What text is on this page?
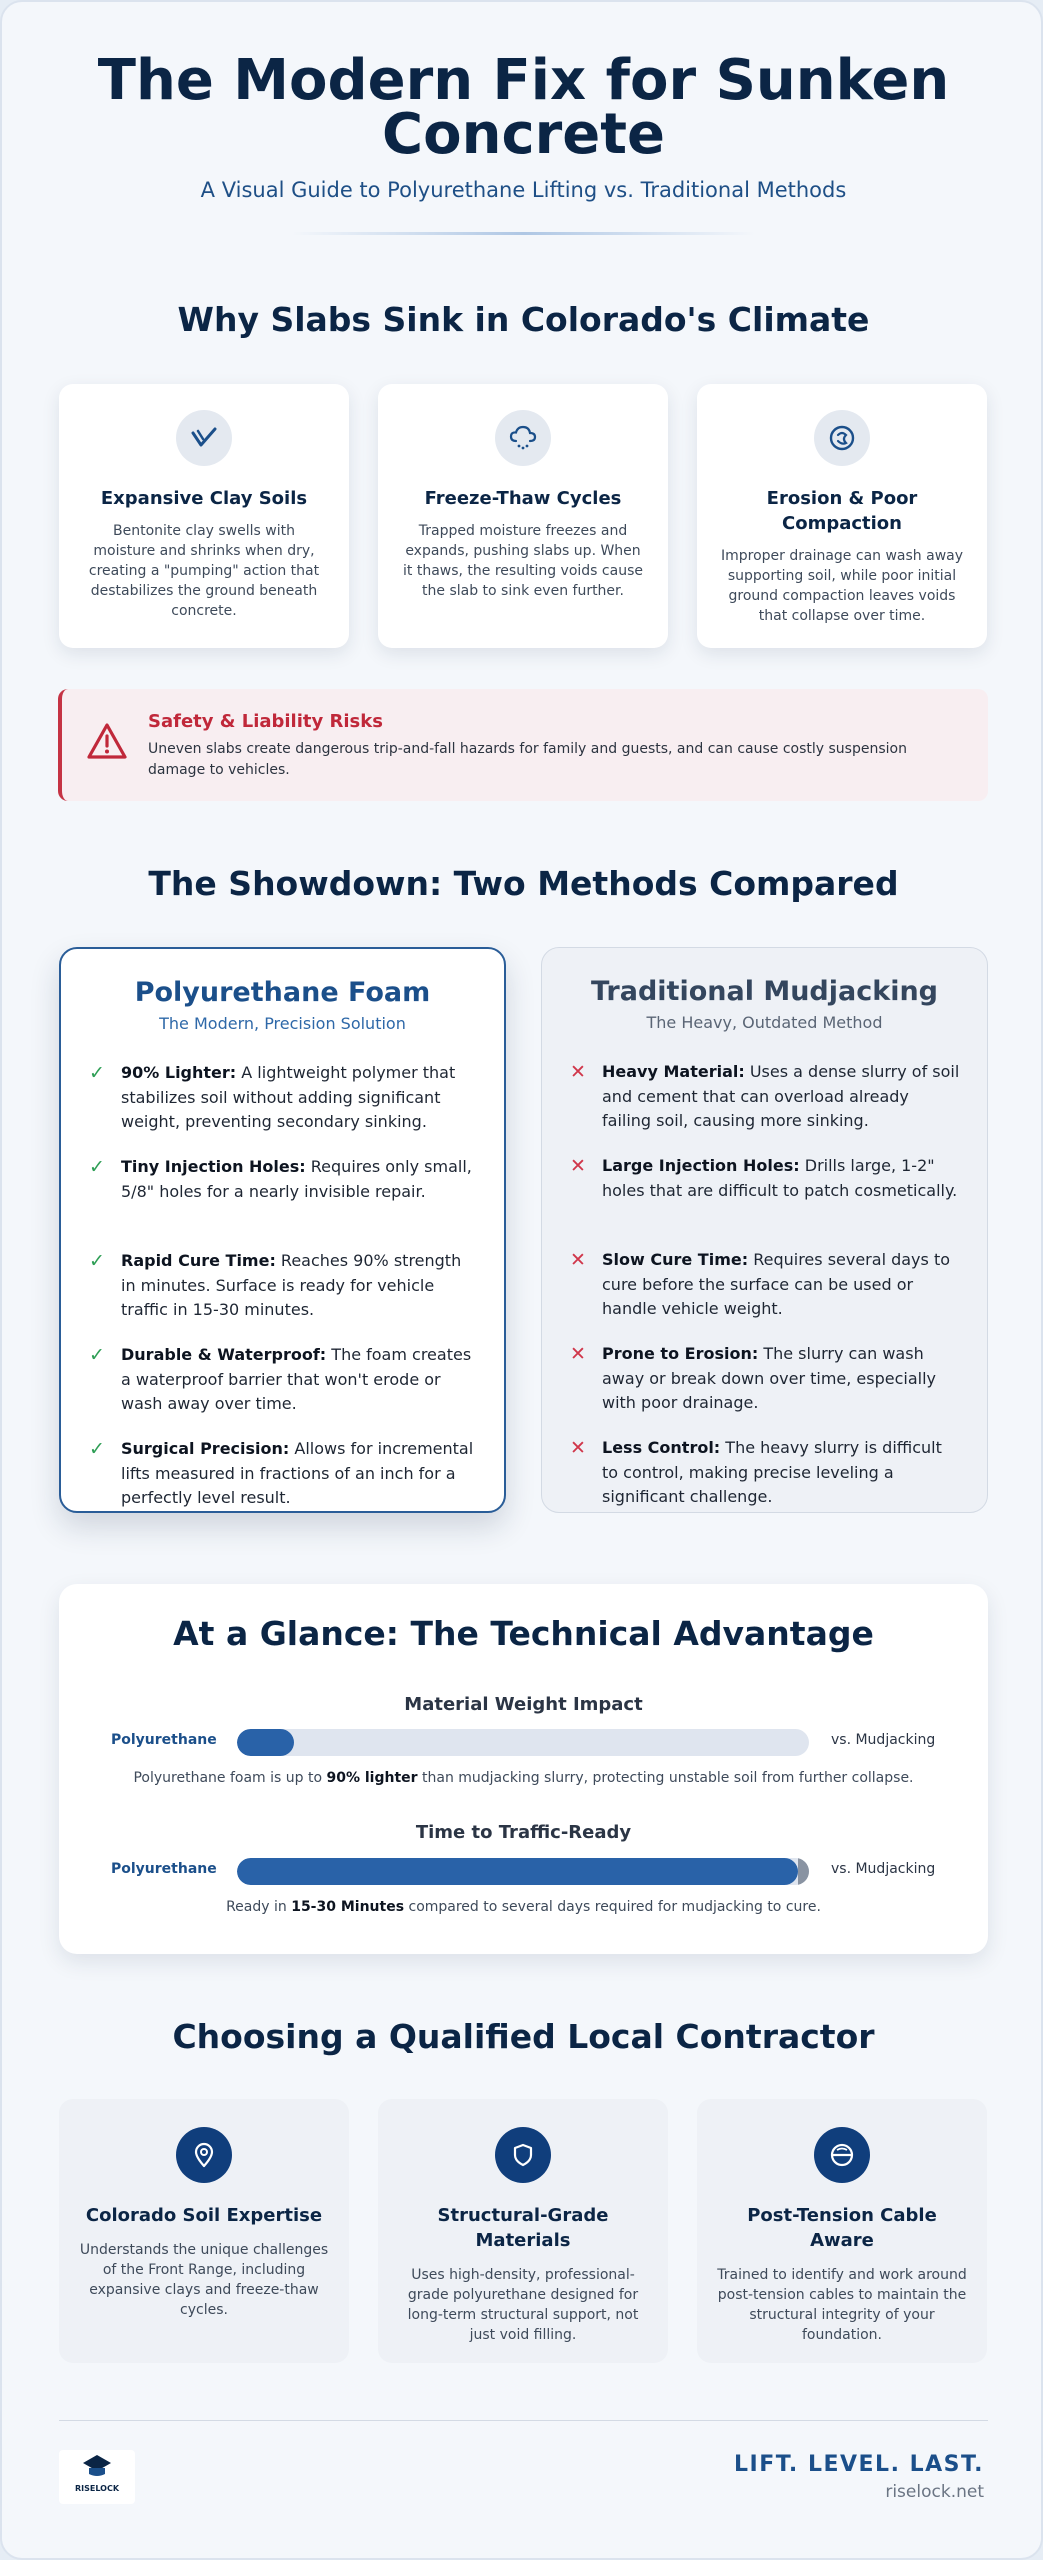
The Modern Fix for Sunken Concrete
A Visual Guide to Polyurethane Lifting vs. Traditional Methods
Why Slabs Sink in Colorado's Climate
Expansive Clay Soils
Bentonite clay swells with moisture and shrinks when dry, creating a "pumping" action that destabilizes the ground beneath concrete.
Freeze-Thaw Cycles
Trapped moisture freezes and expands, pushing slabs up. When it thaws, the resulting voids cause the slab to sink even further.
Erosion & Poor Compaction
Improper drainage can wash away supporting soil, while poor initial ground compaction leaves voids that collapse over time.
Safety & Liability Risks
Uneven slabs create dangerous trip-and-fall hazards for family and guests, and can cause costly suspension damage to vehicles.
The Showdown: Two Methods Compared
Polyurethane Foam
The Modern, Precision Solution
✓	90% Lighter: A lightweight polymer that stabilizes soil without adding significant weight, preventing secondary sinking.
✓	Tiny Injection Holes: Requires only small, 5/8" holes for a nearly invisible repair.
✓	Rapid Cure Time: Reaches 90% strength in minutes. Surface is ready for vehicle traffic in 15-30 minutes.
✓	Durable & Waterproof: The foam creates a waterproof barrier that won't erode or wash away over time.
✓	Surgical Precision: Allows for incremental lifts measured in fractions of an inch for a perfectly level result.
Traditional Mudjacking
The Heavy, Outdated Method
✕	Heavy Material: Uses a dense slurry of soil and cement that can overload already failing soil, causing more sinking.
✕	Large Injection Holes: Drills large, 1-2" holes that are difficult to patch cosmetically.
✕	Slow Cure Time: Requires several days to cure before the surface can be used or handle vehicle weight.
✕	Prone to Erosion: The slurry can wash away or break down over time, especially with poor drainage.
✕	Less Control: The heavy slurry is difficult to control, making precise leveling a significant challenge.
At a Glance: The Technical Advantage
Material Weight Impact
Polyurethane	vs. Mudjacking
Polyurethane foam is up to 90% lighter than mudjacking slurry, protecting unstable soil from further collapse.
Time to Traffic-Ready
Polyurethane	vs. Mudjacking
Ready in 15-30 Minutes compared to several days required for mudjacking to cure.
Choosing a Qualified Local Contractor
Colorado Soil Expertise
Understands the unique challenges of the Front Range, including expansive clays and freeze-thaw cycles.
Structural-Grade Materials
Uses high-density, professional-grade polyurethane designed for long-term structural support, not just void filling.
Post-Tension Cable Aware
Trained to identify and work around post-tension cables to maintain the structural integrity of your foundation.
RISELOCK
LIFT. LEVEL. LAST.
riselock.net
